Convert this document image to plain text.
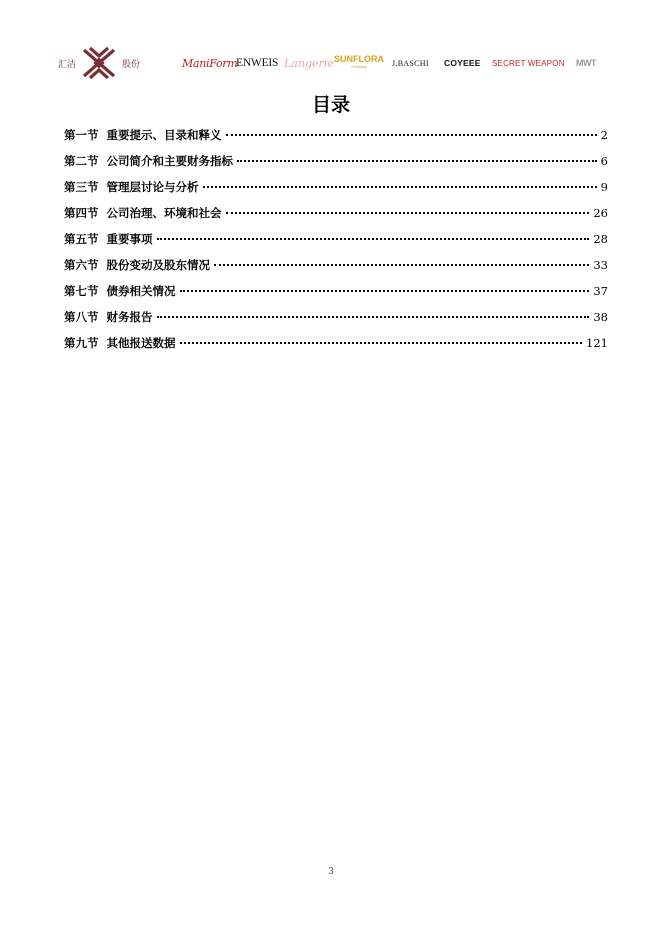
汇洁	股份	ManiForm
ENWEIS Langerie SUNFLORA
Ordinary	J.BASCHI COYEEE SECRET WEAPON MWT
目录
第一节 重要提示、目录和释义	2
第二节 公司简介和主要财务指标	6
第三节 管理层讨论与分析	9
第四节 公司治理、环境和社会	26
第五节 重要事项	28
第六节 股份变动及股东情况	33
第七节 债券相关情况	37
第八节 财务报告	38
第九节 其他报送数据	121
3
